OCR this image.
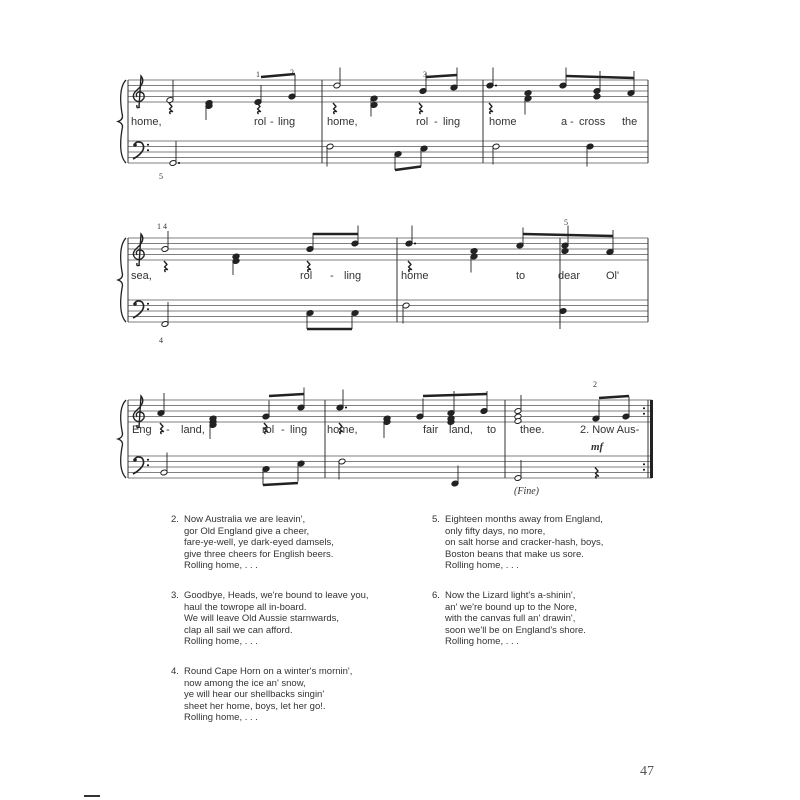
home,	rol - ling	home,	rol - ling	home	a - cross the
1	2	3
5
sea,	rol - ling	home	to	dear Ol'
1 4	5
4
Eng - land,	rol - ling home,	fair land, to thee.	2. Now Aus-
2
mf
(Fine)
2. Now Australia we are leavin',
gor Old England give a cheer,
fare-ye-well, ye dark-eyed damsels,
give three cheers for English beers.
Rolling home, . . .
3. Goodbye, Heads, we're bound to leave you,
haul the towrope all in-board.
We will leave Old Aussie starnwards,
clap all sail we can afford.
Rolling home, . . .
4. Round Cape Horn on a winter's mornin',
now among the ice an' snow,
ye will hear our shellbacks singin'
sheet her home, boys, let her go!.
Rolling home, . . .
5. Eighteen months away from England,
only fifty days, no more,
on salt horse and cracker-hash, boys,
Boston beans that make us sore.
Rolling home, . . .
6. Now the Lizard light's a-shinin',
an' we're bound up to the Nore,
with the canvas full an' drawin',
soon we'll be on England's shore.
Rolling home, . . .
47
